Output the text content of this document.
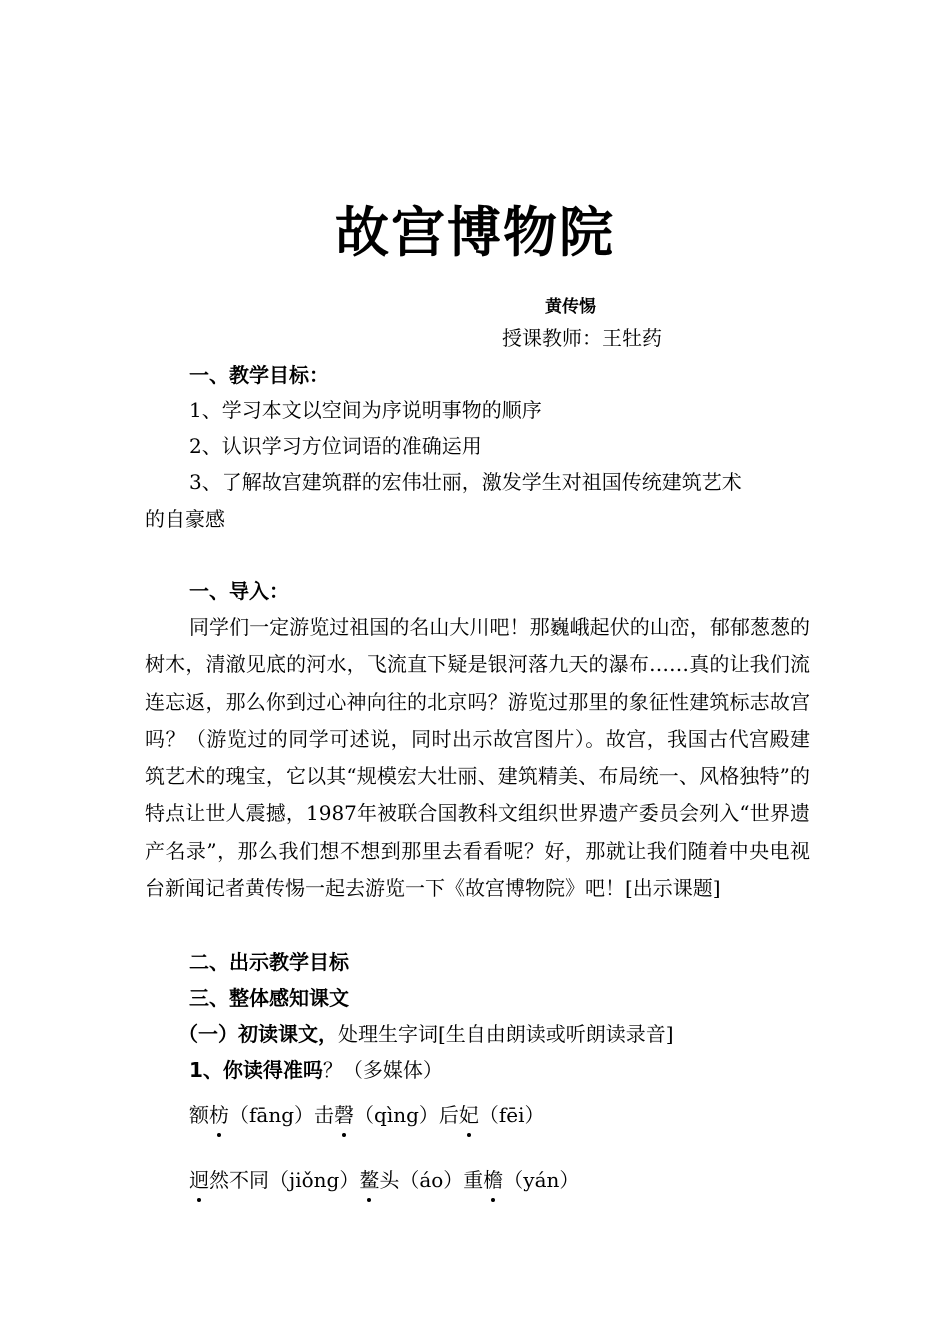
故宫博物院
黄传惕
授课教师：王牡药
一、教学目标：
1、学习本文以空间为序说明事物的顺序
2、认识学习方位词语的准确运用
3、了解故宫建筑群的宏伟壮丽，激发学生对祖国传统建筑艺术
的自豪感
一、导入：
同学们一定游览过祖国的名山大川吧！那巍峨起伏的山峦，郁郁葱葱的树木，清澈见底的河水，飞流直下疑是银河落九天的瀑布……真的让我们流连忘返，那么你到过心神向往的北京吗？游览过那里的象征性建筑标志故宫吗？（游览过的同学可述说，同时出示故宫图片）。故宫，我国古代宫殿建筑艺术的瑰宝，它以其“规模宏大壮丽、建筑精美、布局统一、风格独特”的特点让世人震撼，1987年被联合国教科文组织世界遗产委员会列入“世界遗产名录”，那么我们想不想到那里去看看呢？好，那就让我们随着中央电视台新闻记者黄传惕一起去游览一下《故宫博物院》吧！[出示课题]
二、出示教学目标
三、整体感知课文
（一）初读课文，处理生字词[生自由朗读或听朗读录音]
1、你读得准吗？（多媒体）
额枋（fāng）击磬（qìng）后妃（fēi）
迥然不同（jiǒng）鳌头（áo）重檐（yán）
